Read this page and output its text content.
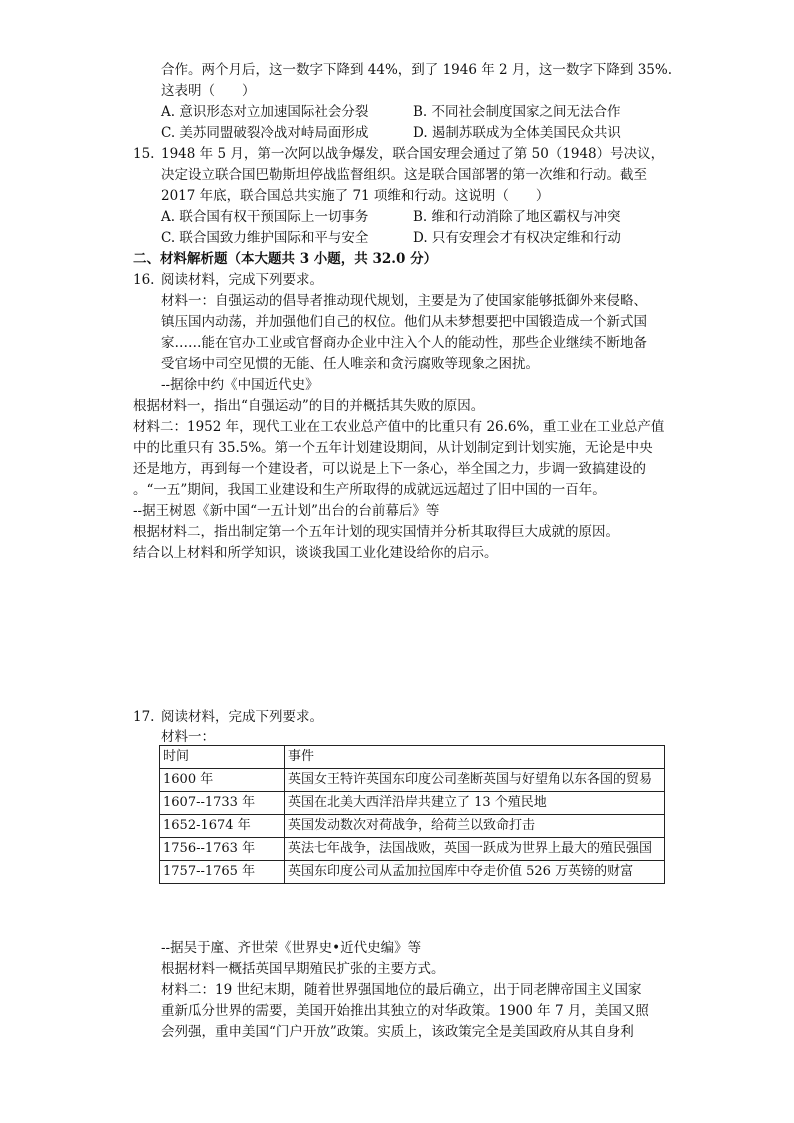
合作。两个月后，这一数字下降到 44%，到了 1946 年 2 月，这一数字下降到 35%.
这表明（　　）
A. 意识形态对立加速国际社会分裂	B. 不同社会制度国家之间无法合作
C. 美苏同盟破裂冷战对峙局面形成	D. 遏制苏联成为全体美国民众共识
15. 1948 年 5 月，第一次阿以战争爆发，联合国安理会通过了第 50（1948）号决议，
决定设立联合国巴勒斯坦停战监督组织。这是联合国部署的第一次维和行动。截至
2017 年底，联合国总共实施了 71 项维和行动。这说明（　　）
A. 联合国有权干预国际上一切事务	B. 维和行动消除了地区霸权与冲突
C. 联合国致力维护国际和平与安全	D. 只有安理会才有权决定维和行动
二、材料解析题（本大题共 3 小题，共 32.0 分）
16. 阅读材料，完成下列要求。
材料一：自强运动的倡导者推动现代规划，主要是为了使国家能够抵御外来侵略、
镇压国内动荡，并加强他们自己的权位。他们从未梦想要把中国锻造成一个新式国
家……能在官办工业或官督商办企业中注入个人的能动性，那些企业继续不断地备
受官场中司空见惯的无能、任人唯亲和贪污腐败等现象之困扰。
--据徐中约《中国近代史》
根据材料一，指出“自强运动”的目的并概括其失败的原因。
材料二：1952 年，现代工业在工农业总产值中的比重只有 26.6%，重工业在工业总产值
中的比重只有 35.5%。第一个五年计划建设期间，从计划制定到计划实施，无论是中央
还是地方，再到每一个建设者，可以说是上下一条心，举全国之力，步调一致搞建设的
。“一五”期间，我国工业建设和生产所取得的成就远远超过了旧中国的一百年。
--据王树恩《新中国“一五计划”出台的台前幕后》等
根据材料二，指出制定第一个五年计划的现实国情并分析其取得巨大成就的原因。
结合以上材料和所学知识，谈谈我国工业化建设给你的启示。
17. 阅读材料，完成下列要求。
材料一：
时间	事件
1600 年	英国女王特许英国东印度公司垄断英国与好望角以东各国的贸易
1607--1733 年	英国在北美大西洋沿岸共建立了 13 个殖民地
1652-1674 年	英国发动数次对荷战争，给荷兰以致命打击
1756--1763 年	英法七年战争，法国战败，英国一跃成为世界上最大的殖民强国
1757--1765 年	英国东印度公司从孟加拉国库中夺走价值 526 万英镑的财富
--据吴于廑、齐世荣《世界史•近代史编》等
根据材料一概括英国早期殖民扩张的主要方式。
材料二：19 世纪末期，随着世界强国地位的最后确立，出于同老牌帝国主义国家
重新瓜分世界的需要，美国开始推出其独立的对华政策。1900 年 7 月，美国又照
会列强，重申美国“门户开放”政策。实质上，该政策完全是美国政府从其自身利
